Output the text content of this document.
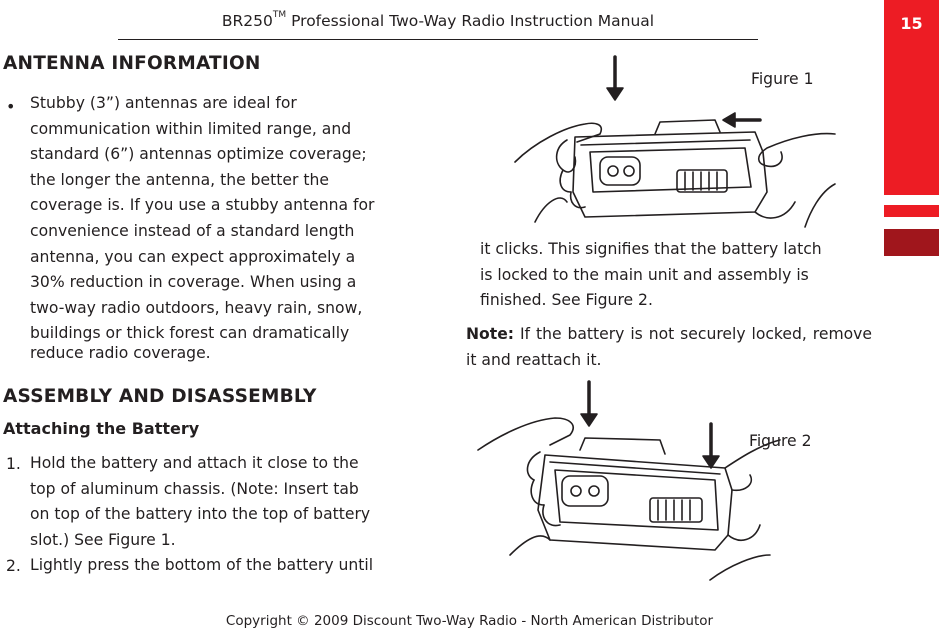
BR250™ Professional Two-Way Radio Instruction Manual	15
ANTENNA INFORMATION
• Stubby (3”) antennas are ideal for
communication within limited range, and
standard (6”) antennas optimize coverage;
the longer the antenna, the better the
coverage is. If you use a stubby antenna for
convenience instead of a standard length
antenna, you can expect approximately a
30% reduction in coverage. When using a
two-way radio outdoors, heavy rain, snow,
buildings or thick forest can dramatically
reduce radio coverage.
ASSEMBLY AND DISASSEMBLY
Attaching the Battery
1. Hold the battery and attach it close to the
top of aluminum chassis. (Note: Insert tab
on top of the battery into the top of battery
slot.) See Figure 1.
2. Lightly press the bottom of the battery until
it clicks. This signifies that the battery latch
is locked to the main unit and assembly is
finished. See Figure 2.
Note: If the battery is not securely locked, remove it and reattach it.
Figure 1
Figure 2
Copyright © 2009 Discount Two-Way Radio - North American Distributor
